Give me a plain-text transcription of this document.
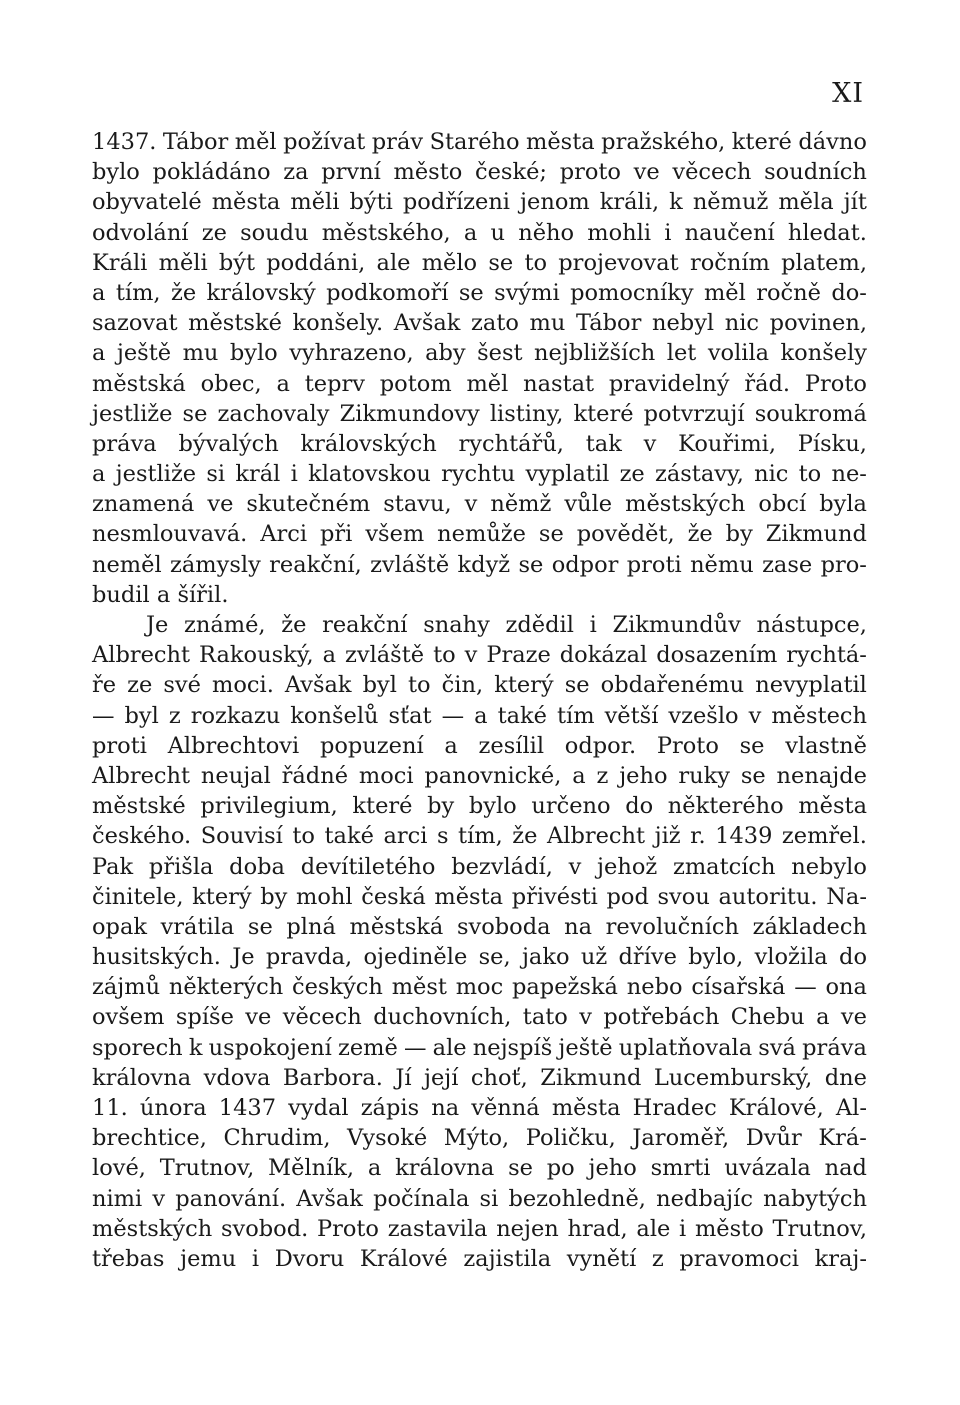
XI
1437. Tábor měl požívat práv Starého města pražského, které dávno
bylo pokládáno za první město české; proto ve věcech soudních
obyvatelé města měli býti podřízeni jenom králi, k němuž měla jít
odvolání ze soudu městského, a u něho mohli i naučení hledat.
Králi měli být poddáni, ale mělo se to projevovat ročním platem,
a tím, že královský podkomoří se svými pomocníky měl ročně do-
sazovat městské konšely. Avšak zato mu Tábor nebyl nic povinen,
a ještě mu bylo vyhrazeno, aby šest nejbližších let volila konšely
městská obec, a teprv potom měl nastat pravidelný řád. Proto
jestliže se zachovaly Zikmundovy listiny, které potvrzují soukromá
práva bývalých královských rychtářů, tak v Kouřimi, Písku,
a jestliže si král i klatovskou rychtu vyplatil ze zástavy, nic to ne-
znamená ve skutečném stavu, v němž vůle městských obcí byla
nesmlouvavá. Arci při všem nemůže se povědět, že by Zikmund
neměl zámysly reakční, zvláště když se odpor proti němu zase pro-
budil
a
šířil.
Je známé, že reakční snahy zdědil i Zikmundův nástupce,
Albrecht Rakouský, a zvláště to v Praze dokázal dosazením rychtá-
ře ze své moci. Avšak byl to čin, který se obdařenému nevyplatil
— byl z rozkazu konšelů sťat — a také tím větší vzešlo v městech
proti Albrechtovi popuzení a zesílil odpor. Proto se vlastně
Albrecht neujal řádné moci panovnické, a z jeho ruky se nenajde
městské privilegium, které by bylo určeno do některého města
českého. Souvisí to také arci s tím, že Albrecht již r. 1439 zemřel.
Pak přišla doba devítiletého bezvládí, v jehož zmatcích nebylo
činitele, který by mohl česká města přivésti pod svou autoritu. Na-
opak vrátila se plná městská svoboda na revolučních základech
husitských. Je pravda, ojediněle se, jako už dříve bylo, vložila do
zájmů některých českých měst moc papežská nebo císařská — ona
ovšem spíše ve věcech duchovních, tato v potřebách Chebu a ve
sporech k uspokojení země — ale nejspíš ještě uplatňovala svá práva
královna vdova Barbora. Jí její choť, Zikmund Lucemburský, dne
11. února 1437 vydal zápis na věnná města Hradec Králové, Al-
brechtice, Chrudim, Vysoké Mýto, Poličku, Jaroměř, Dvůr Krá-
lové, Trutnov, Mělník, a královna se po jeho smrti uvázala nad
nimi v panování. Avšak počínala si bezohledně, nedbajíc nabytých
městských svobod. Proto zastavila nejen hrad, ale i město Trutnov,
třebas jemu i Dvoru Králové zajistila vynětí z pravomoci kraj-
